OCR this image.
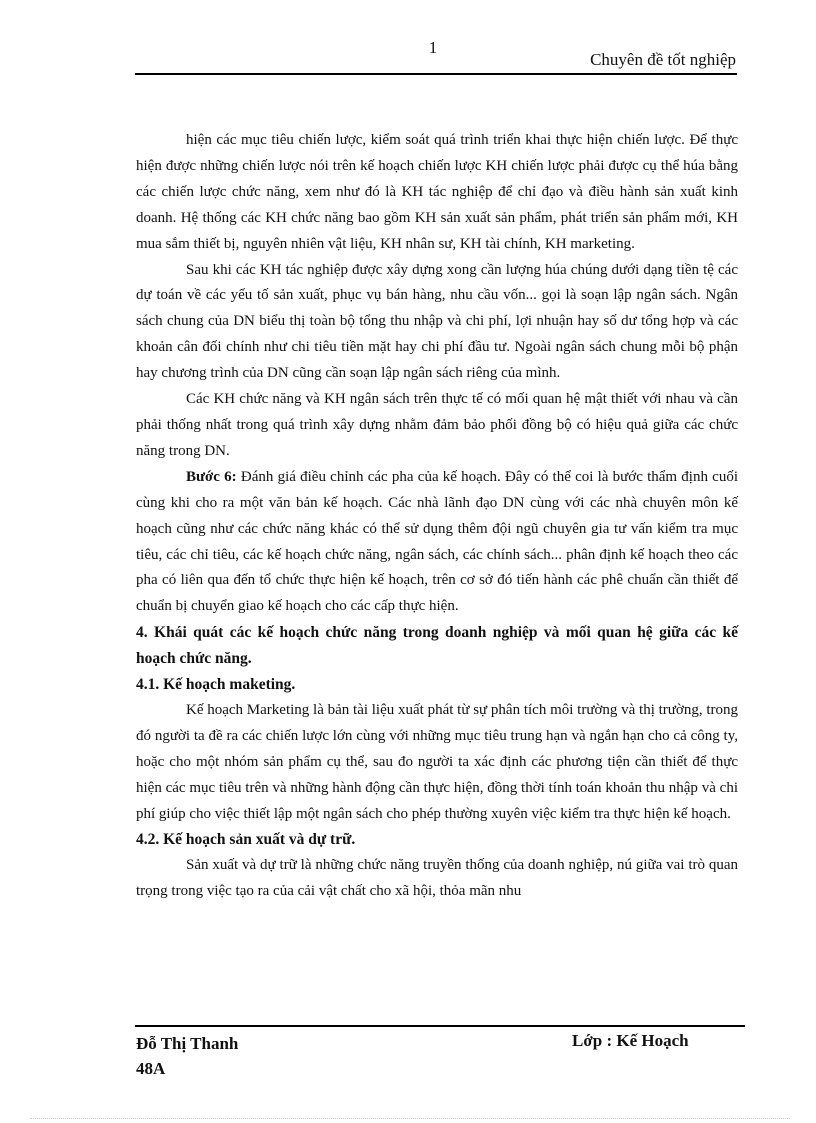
1
Chuyên đề tốt nghiệp

hiện các mục tiêu chiến lược, kiểm soát quá trình triển khai thực hiện chiến lược. Để thực hiện được những chiến lược nói trên kế hoạch chiến lược KH chiến lược phải được cụ thể húa bằng các chiến lược chức năng, xem như đó là KH tác nghiệp để chỉ đạo và điều hành sản xuất kinh doanh. Hệ thống các KH chức năng bao gồm KH sản xuất sản phẩm, phát triển sản phẩm mới, KH mua sắm thiết bị, nguyên nhiên vật liệu, KH nhân sư, KH tài chính, KH marketing.

Sau khi các KH tác nghiệp được xây dựng xong cần lượng húa chúng dưới dạng tiền tệ các dự toán về các yếu tố sản xuất, phục vụ bán hàng, nhu cầu vốn... gọi là soạn lập ngân sách. Ngân sách chung của DN biểu thị toàn bộ tổng thu nhập và chi phí, lợi nhuận hay số dư tổng hợp và các khoản cân đối chính như chi tiêu tiền mặt hay chi phí đầu tư. Ngoài ngân sách chung mỗi bộ phận hay chương trình của DN cũng cần soạn lập ngân sách riêng của mình.

Các KH chức năng và KH ngân sách trên thực tế có mối quan hệ mật thiết với nhau và cần phải thống nhất trong quá trình xây dựng nhằm đảm bảo phối đồng bộ có hiệu quả giữa các chức năng trong DN.

Bước 6: Đánh giá điều chỉnh các pha của kế hoạch. Đây có thể coi là bước thẩm định cuối cùng khi cho ra một văn bản kế hoạch. Các nhà lãnh đạo DN cùng với các nhà chuyên môn kế hoạch cũng như các chức năng khác có thể sử dụng thêm đội ngũ chuyên gia tư vấn kiểm tra mục tiêu, các chỉ tiêu, các kế hoạch chức năng, ngân sách, các chính sách... phân định kế hoạch theo các pha có liên qua đến tổ chức thực hiện kế hoạch, trên cơ sở đó tiến hành các phê chuẩn cần thiết để chuẩn bị chuyển giao kế hoạch cho các cấp thực hiện.

4. Khái quát các kế hoạch chức năng trong doanh nghiệp và mối quan hệ giữa các kế hoạch chức năng.

4.1. Kế hoạch maketing.

Kế hoạch Marketing là bản tài liệu xuất phát từ sự phân tích môi trường và thị trường, trong đó người ta đề ra các chiến lược lớn cùng với những mục tiêu trung hạn và ngắn hạn cho cả công ty, hoặc cho một nhóm sản phẩm cụ thể, sau đo người ta xác định các phương tiện cần thiết để thực hiện các mục tiêu trên và những hành động cần thực hiện, đồng thời tính toán khoản thu nhập và chi phí giúp cho việc thiết lập một ngân sách cho phép thường xuyên việc kiểm tra thực hiện kế hoạch.

4.2. Kế hoạch sản xuất và dự trữ.

Sản xuất và dự trữ là những chức năng truyền thống của doanh nghiệp, nú giữa vai trò quan trọng trong việc tạo ra của cải vật chất cho xã hội, thỏa mãn nhu

Đỗ Thị Thanh
48A
Lớp : Kế Hoạch
